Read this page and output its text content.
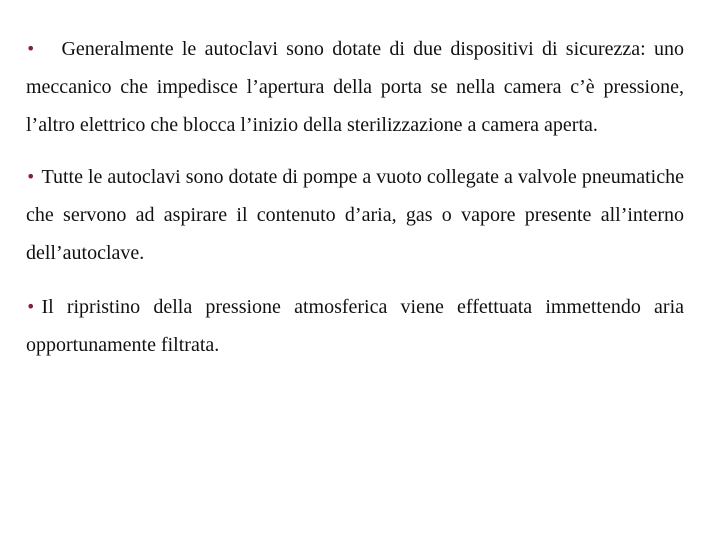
• Generalmente le autoclavi sono dotate di due dispositivi di sicurezza: uno meccanico che impedisce l’apertura della porta se nella camera c’è pressione, l’altro elettrico che blocca l’inizio della sterilizzazione a camera aperta.

• Tutte le autoclavi sono dotate di pompe a vuoto collegate a valvole pneumatiche che servono ad aspirare il contenuto d’aria, gas o vapore presente all’interno dell’autoclave.

• Il ripristino della pressione atmosferica viene effettuata immettendo aria opportunamente filtrata.
